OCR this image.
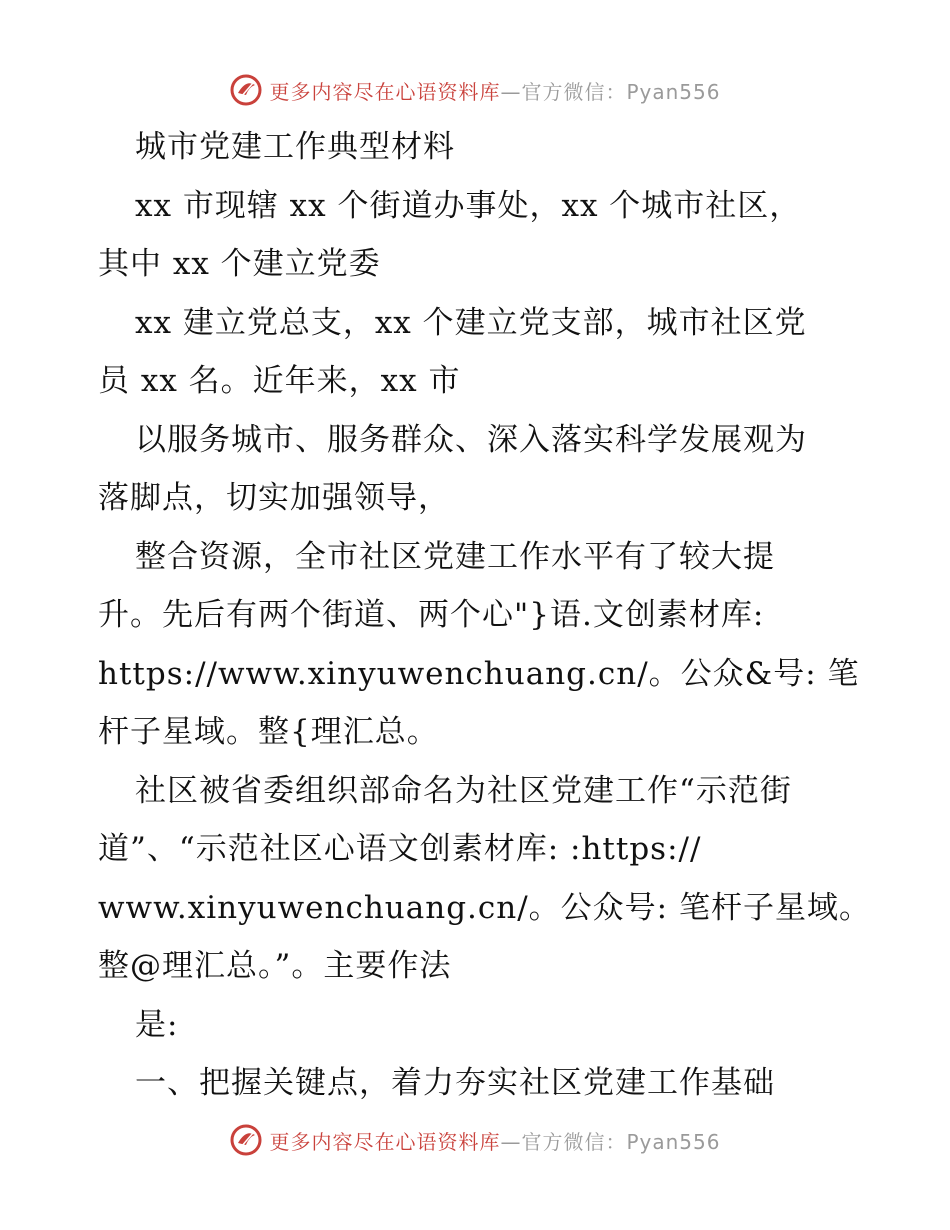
更多内容尽在心语资料库—官方微信：Pyan556
城市党建工作典型材料
xx 市现辖 xx 个街道办事处，xx 个城市社区，
其中 xx 个建立党委
xx 建立党总支，xx 个建立党支部，城市社区党
员 xx 名。近年来，xx 市
以服务城市、服务群众、深入落实科学发展观为
落脚点，切实加强领导，
整合资源，全市社区党建工作水平有了较大提
升。先后有两个街道、两个心"}语.文创素材库:
https://www.xinyuwenchuang.cn/。公众&号: 笔
杆子星域。整{理汇总。
社区被省委组织部命名为社区党建工作“示范街
道”、“示范社区心语文创素材库: :https://
www.xinyuwenchuang.cn/。公众号: 笔杆子星域。
整@理汇总。”。主要作法
是:
一、把握关键点，着力夯实社区党建工作基础
更多内容尽在心语资料库—官方微信：Pyan556
